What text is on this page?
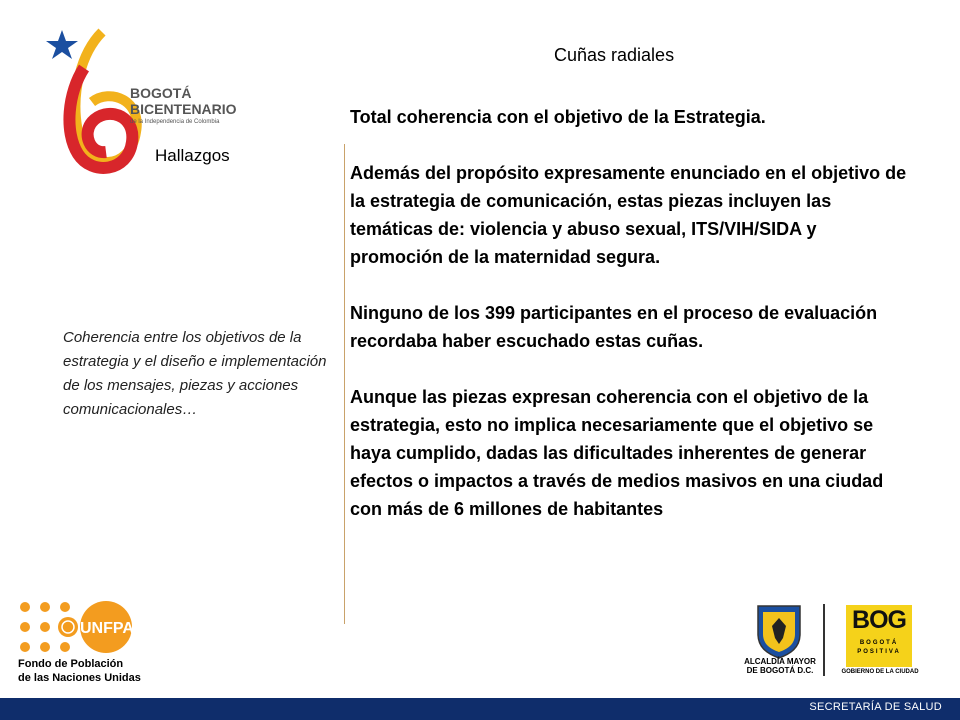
BOGOTÁ
BICENTENARIO
de la Independencia de Colombia
Hallazgos
Cuñas radiales
Coherencia entre los objetivos de la estrategia y el diseño e implementación de los mensajes, piezas y acciones comunicacionales…

Total coherencia con el objetivo de la Estrategia.

Además del propósito expresamente enunciado en el objetivo de la estrategia de comunicación, estas piezas incluyen las temáticas de: violencia y abuso sexual, ITS/VIH/SIDA y promoción de la maternidad segura.

Ninguno de los 399 participantes en el proceso de evaluación recordaba haber escuchado estas cuñas.

Aunque las piezas expresan coherencia con el objetivo de la estrategia, esto no implica necesariamente que el objetivo se haya cumplido, dadas las dificultades inherentes de generar efectos o impactos a través de medios masivos en una ciudad con más de 6 millones de habitantes

UNFPA
Fondo de Población
de las Naciones Unidas
ALCALDÍA MAYOR
DE BOGOTÁ D.C.
BOG
BOGOTÁ
POSITIVA
GOBIERNO DE LA CIUDAD
SECRETARÍA DE SALUD
